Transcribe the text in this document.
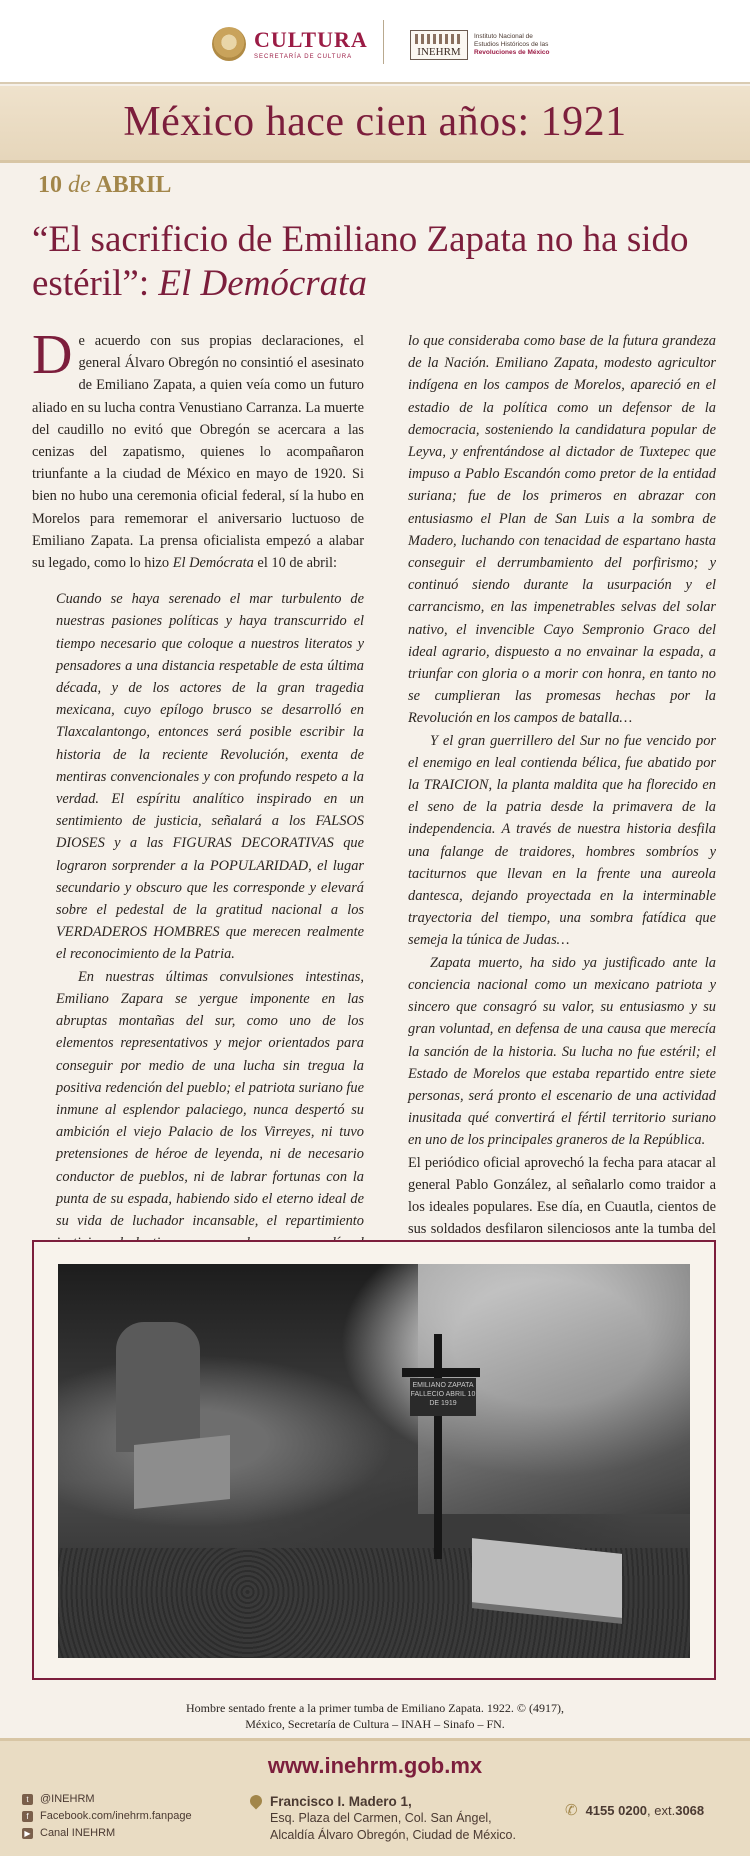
CULTURA
SECRETARÍA DE CULTURA	INEHRM
Instituto Nacional de
Estudios Históricos de las
Revoluciones de México
México hace cien años: 1921
10 de ABRIL
“El sacrificio de Emiliano Zapata no ha sido estéril”: El Demócrata

De acuerdo con sus propias declaraciones, el general Álvaro Obregón no consintió el asesinato de Emiliano Zapata, a quien veía como un futuro aliado en su lucha contra Venustiano Carranza. La muerte del caudillo no evitó que Obregón se acercara a las cenizas del zapatismo, quienes lo acompañaron triunfante a la ciudad de México en mayo de 1920. Si bien no hubo una ceremonia oficial federal, sí la hubo en Morelos para rememorar el aniversario luctuoso de Emiliano Zapata. La prensa oficialista empezó a alabar su legado, como lo hizo El Demócrata el 10 de abril:

Cuando se haya serenado el mar turbulento de nuestras pasiones políticas y haya transcurrido el tiempo necesario que coloque a nuestros literatos y pensadores a una distancia respetable de esta última década, y de los actores de la gran tragedia mexicana, cuyo epílogo brusco se desarrolló en Tlaxcalantongo, entonces será posible escribir la historia de la reciente Revolución, exenta de mentiras convencionales y con profundo respeto a la verdad. El espíritu analítico inspirado en un sentimiento de justicia, señalará a los FALSOS DIOSES y a las FIGURAS DECORATIVAS que lograron sorprender a la POPULARIDAD, el lugar secundario y obscuro que les corresponde y elevará sobre el pedestal de la gratitud nacional a los VERDADEROS HOMBRES que merecen realmente el reconocimiento de la Patria.

En nuestras últimas convulsiones intestinas, Emiliano Zapara se yergue imponente en las abruptas montañas del sur, como uno de los elementos representativos y mejor orientados para conseguir por medio de una lucha sin tregua la positiva redención del pueblo; el patriota suriano fue inmune al esplendor palaciego, nunca despertó su ambición el viejo Palacio de los Virreyes, ni tuvo pretensiones de héroe de leyenda, ni de necesario conductor de pueblos, ni de labrar fortunas con la punta de su espada, habiendo sido el eterno ideal de su vida de luchador incansable, el repartimiento

lo que consideraba como base de la futura grandeza de la Nación. Emiliano Zapata, modesto agricultor indígena en los campos de Morelos, apareció en el estadio de la política como un defensor de la democracia, sosteniendo la candidatura popular de Leyva, y enfrentándose al dictador de Tuxtepec que impuso a Pablo Escandón como pretor de la entidad suriana; fue de los primeros en abrazar con entusiasmo el Plan de San Luis a la sombra de Madero, luchando con tenacidad de espartano hasta conseguir el derrumbamiento del porfirismo; y continuó siendo durante la usurpación y el carrancismo, en las impenetrables selvas del solar nativo, el invencible Cayo Sempronio Graco del ideal agrario, dispuesto a no envainar la espada, a triunfar con gloria o a morir con honra, en tanto no se cumplieran las promesas hechas por la Revolución en los campos de batalla…

Y el gran guerrillero del Sur no fue vencido por el enemigo en leal contienda bélica, fue abatido por la TRAICION, la planta maldita que ha florecido en el seno de la patria desde la primavera de la independencia. A través de nuestra historia desfila una falange de traidores, hombres sombríos y taciturnos que llevan en la frente una aureola dantesca, dejando proyectada en la interminable trayectoria del tiempo, una sombra fatídica que semeja la túnica de Judas…

Zapata muerto, ha sido ya justificado ante la conciencia nacional como un mexicano patriota y sincero que consagró su valor, su entusiasmo y su gran voluntad, en defensa de una causa que merecía la sanción de la historia. Su lucha no fue estéril; el Estado de Morelos que estaba repartido entre siete personas, será pronto el escenario de una actividad inusitada qué convertirá el fértil territorio suriano en uno de los principales graneros de la República.

El periódico oficial aprovechó la fecha para atacar al general Pablo González, al señalarlo como traidor a los ideales populares. Ese día, en Cuautla, cientos de sus soldados desfilaron silenciosos ante la tumba del

EMILIANO ZAPATA FALLECIO ABRIL 10 DE 1919
Hombre sentado frente a la primer tumba de Emiliano Zapata. 1922. © (4917),
México, Secretaría de Cultura – INAH – Sinafo – FN.
www.inehrm.gob.mx
t	@INEHRM
f	Facebook.com/inehrm.fanpage
▶ Canal INEHRM
Francisco I. Madero 1,
Esq. Plaza del Carmen, Col. San Ángel,
Alcaldía Álvaro Obregón, Ciudad de México.
✆ 4155 0200 , ext. 3068
